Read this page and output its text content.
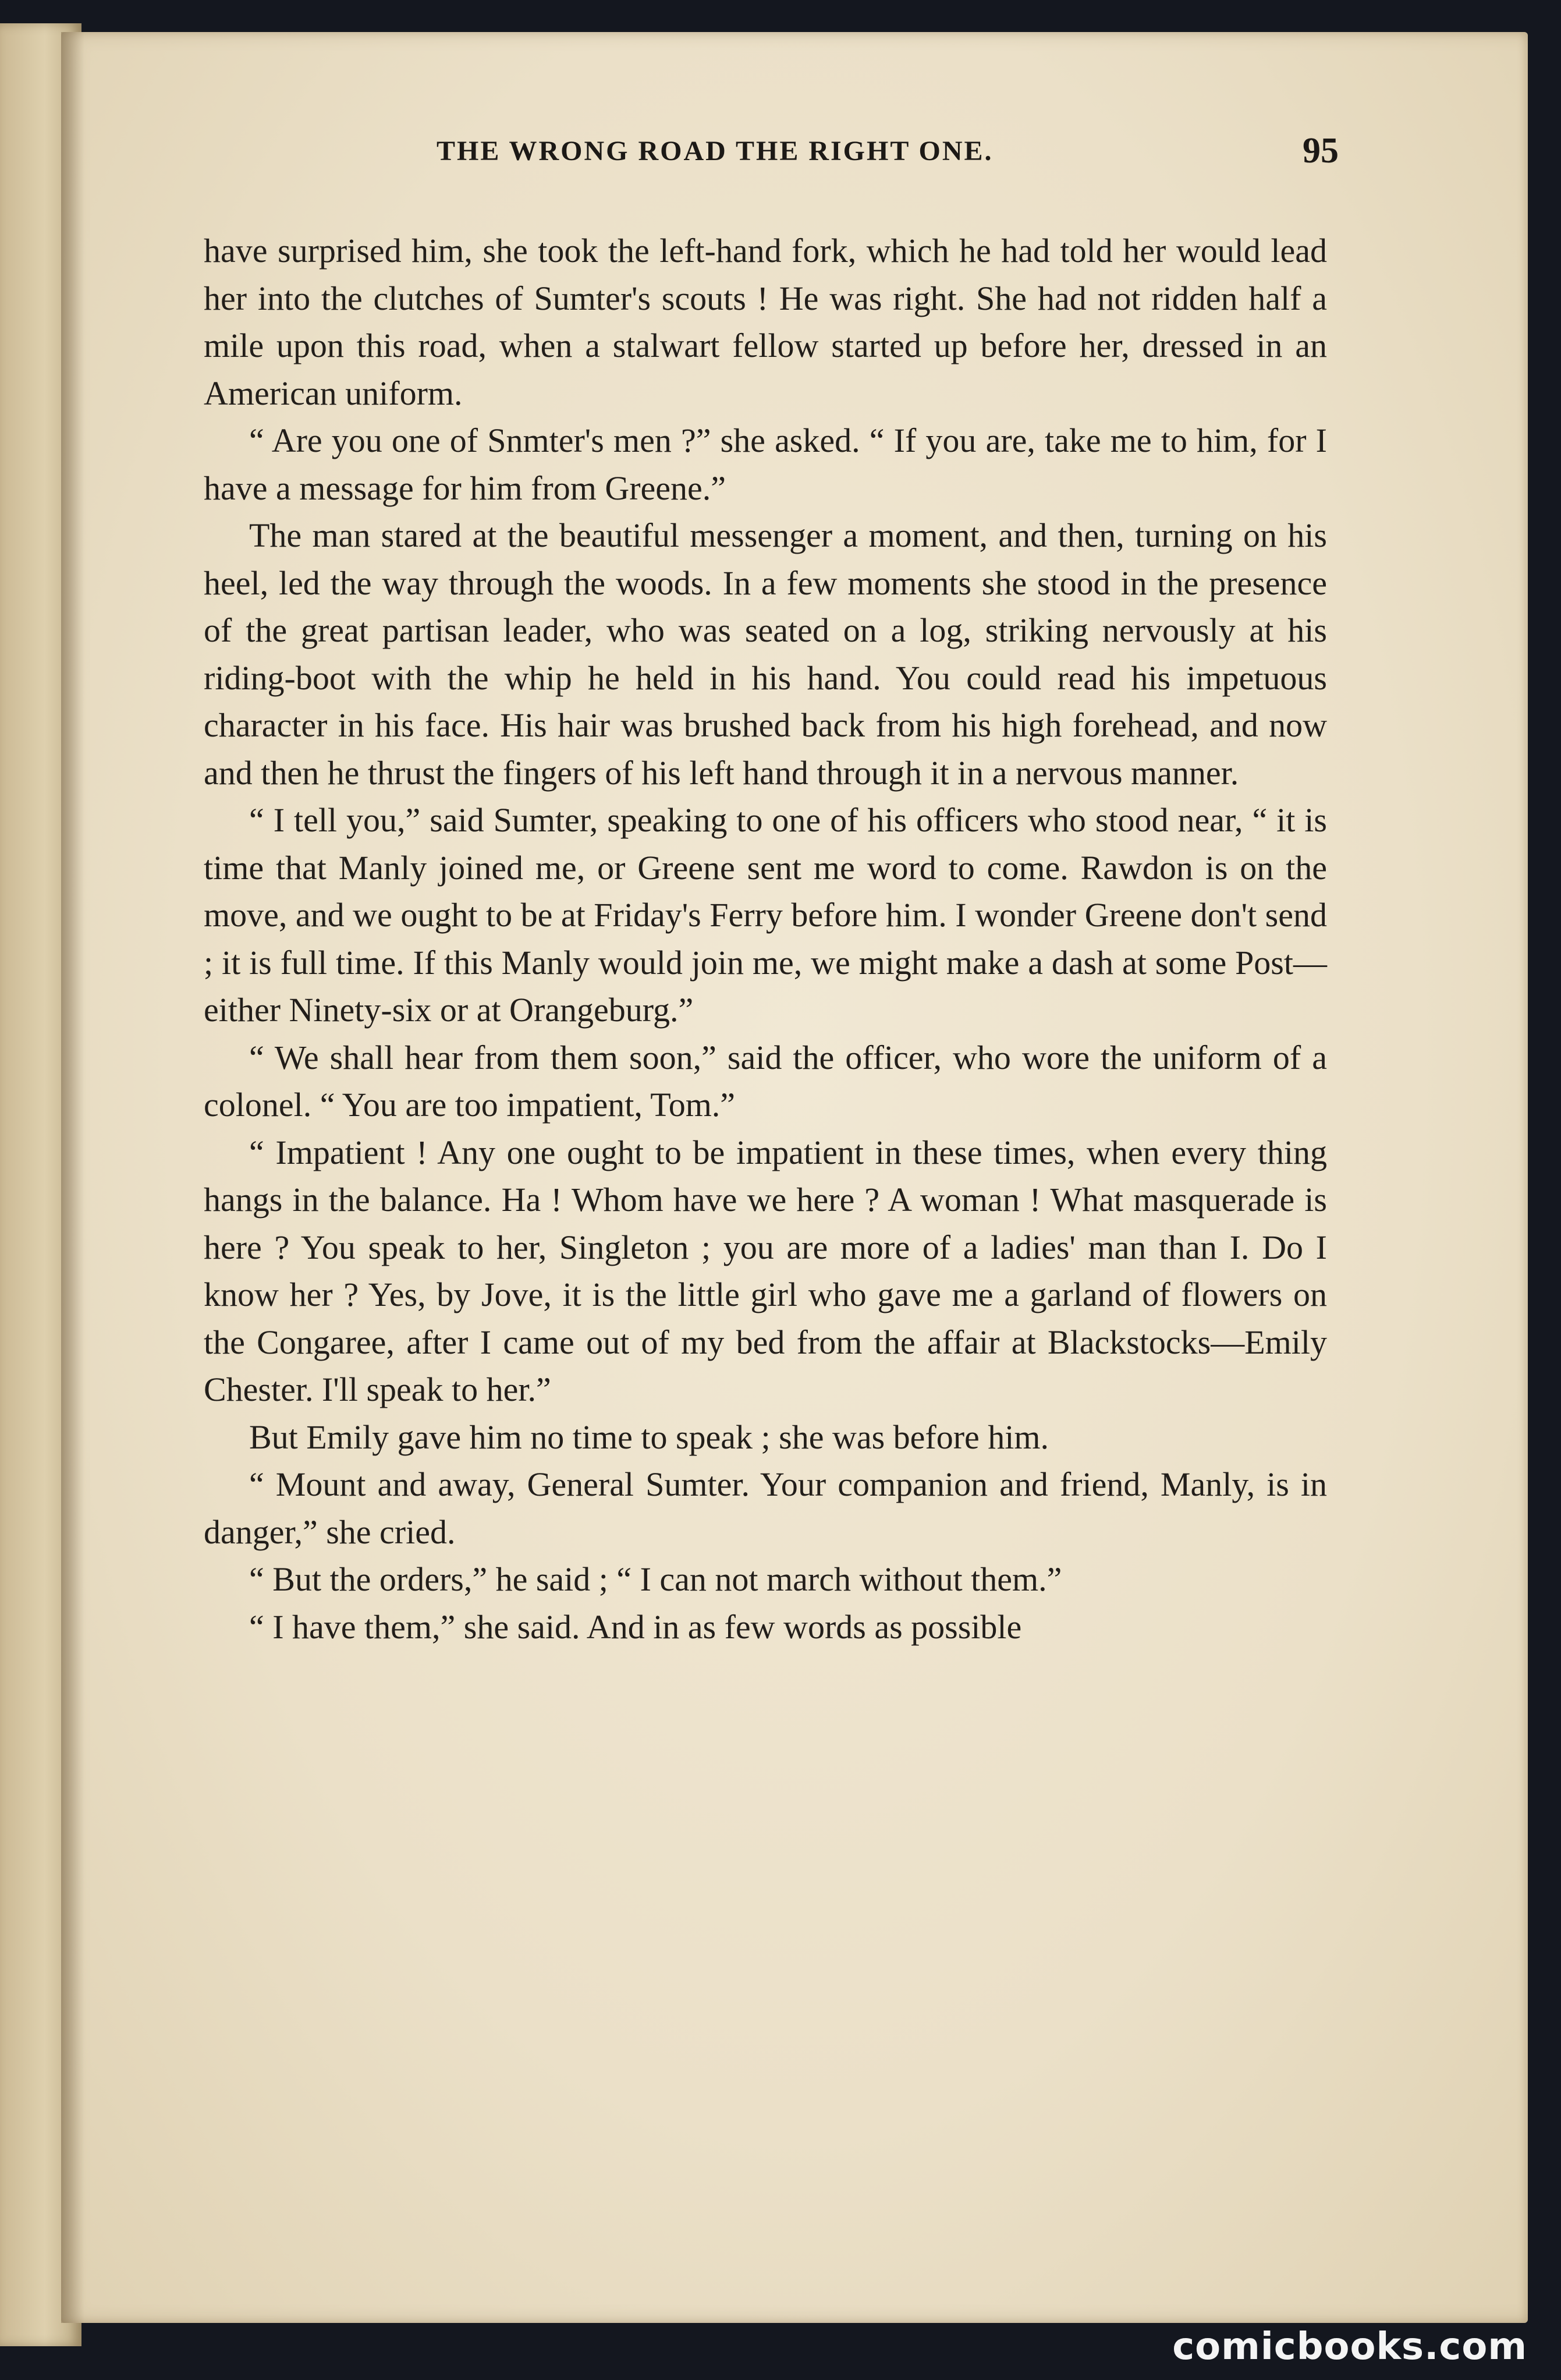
THE WRONG ROAD THE RIGHT ONE.	95

have surprised him, she took the left-hand fork, which he had told her would lead her into the clutches of Sumter's scouts ! He was right. She had not ridden half a mile upon this road, when a stalwart fellow started up before her, dressed in an American uniform.

“ Are you one of Snmter's men ?” she asked. “ If you are, take me to him, for I have a message for him from Greene.”

The man stared at the beautiful messenger a moment, and then, turning on his heel, led the way through the woods. In a few moments she stood in the presence of the great partisan leader, who was seated on a log, striking nervously at his riding-boot with the whip he held in his hand. You could read his impetuous character in his face. His hair was brushed back from his high forehead, and now and then he thrust the fingers of his left hand through it in a nervous manner.

“ I tell you,” said Sumter, speaking to one of his officers who stood near, “ it is time that Manly joined me, or Greene sent me word to come. Rawdon is on the move, and we ought to be at Friday's Ferry before him. I wonder Greene don't send ; it is full time. If this Manly would join me, we might make a dash at some Post—either Ninety-six or at Orangeburg.”

“ We shall hear from them soon,” said the officer, who wore the uniform of a colonel. “ You are too impatient, Tom.”

“ Impatient ! Any one ought to be impatient in these times, when every thing hangs in the balance. Ha ! Whom have we here ? A woman ! What masquerade is here ? You speak to her, Singleton ; you are more of a ladies' man than I. Do I know her ? Yes, by Jove, it is the little girl who gave me a garland of flowers on the Congaree, after I came out of my bed from the affair at Blackstocks—Emily Chester. I'll speak to her.”

But Emily gave him no time to speak ; she was before him.

“ Mount and away, General Sumter. Your companion and friend, Manly, is in danger,” she cried.

“ But the orders,” he said ; “ I can not march without them.”

“ I have them,” she said. And in as few words as possible

comicbooks.com
